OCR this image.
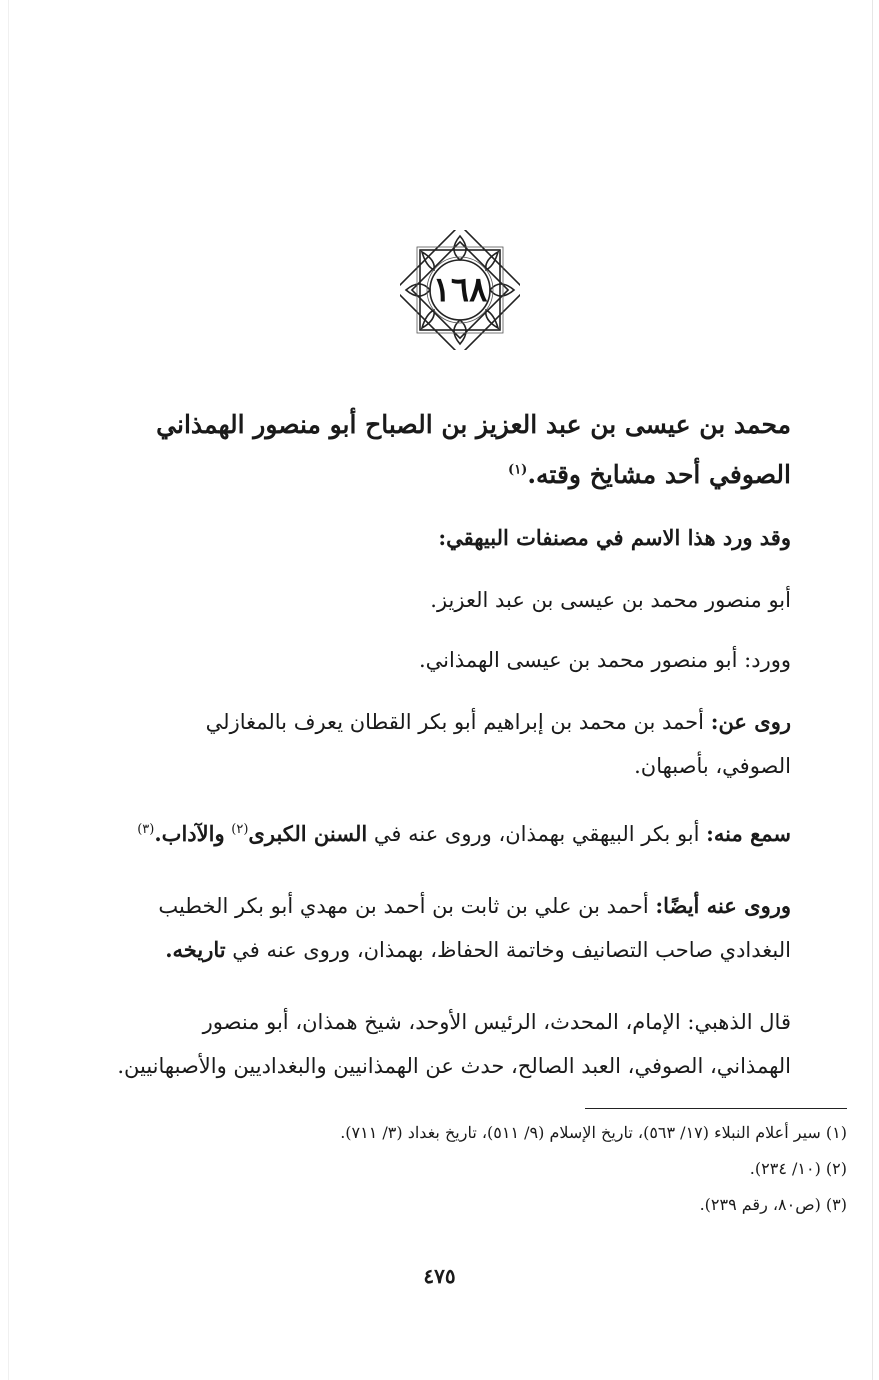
١٦٨
محمد بن عيسى بن عبد العزيز بن الصباح أبو منصور الهمذاني
الصوفي أحد مشايخ وقته.$^{(١)}$
وقد ورد هذا الاسم في مصنفات البيهقي:
أبو منصور محمد بن عيسى بن عبد العزيز.
وورد: أبو منصور محمد بن عيسى الهمذاني.
روى عن: أحمد بن محمد بن إبراهيم أبو بكر القطان يعرف بالمغازلي
الصوفي، بأصبهان.
سمع منه: أبو بكر البيهقي بهمذان، وروى عنه في السنن الكبرى$^{(٢)}$ والآداب.$^{(٣)}$
وروى عنه أيضًا: أحمد بن علي بن ثابت بن أحمد بن مهدي أبو بكر الخطيب
البغدادي صاحب التصانيف وخاتمة الحفاظ، بهمذان، وروى عنه في تاريخه.
قال الذهبي: الإمام، المحدث، الرئيس الأوحد، شيخ همذان، أبو منصور
الهمذاني، الصوفي، العبد الصالح، حدث عن الهمذانيين والبغداديين والأصبهانيين.
(١) سير أعلام النبلاء (١٧/ ٥٦٣)، تاريخ الإسلام (٩/ ٥١١)، تاريخ بغداد (٣/ ٧١١).
(٢) (١٠/ ٢٣٤).
(٣) (ص٨٠، رقم ٢٣٩).
٤٧٥
